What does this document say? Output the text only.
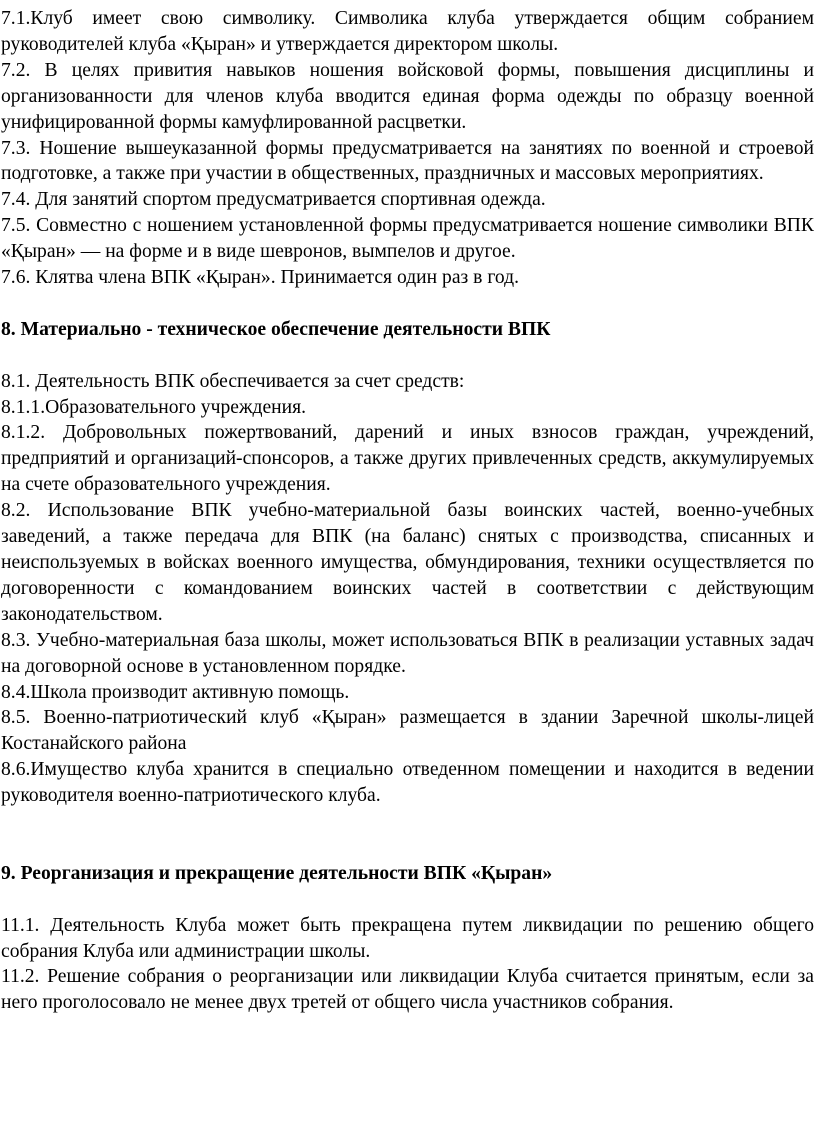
7.1.Клуб имеет свою символику. Символика клуба утверждается общим собранием руководителей клуба «Қыран» и утверждается директором школы.

7.2. В целях привития навыков ношения войсковой формы, повышения дисциплины и организованности для членов клуба вводится единая форма одежды по образцу военной унифицированной формы камуфлированной расцветки.

7.3. Ношение вышеуказанной формы предусматривается на занятиях по военной и строевой подготовке, а также при участии в общественных, праздничных и массовых мероприятиях.

7.4. Для занятий спортом предусматривается спортивная одежда.

7.5. Совместно с ношением установленной формы предусматривается ношение символики ВПК «Қыран» — на форме и в виде шевронов, вымпелов и другое.

7.6. Клятва члена ВПК «Қыран». Принимается один раз в год.

8. Материально - техническое обеспечение деятельности ВПК

8.1. Деятельность ВПК обеспечивается за счет средств:

8.1.1.Образовательного учреждения.

8.1.2. Добровольных пожертвований, дарений и иных взносов граждан, учреждений, предприятий и организаций-спонсоров, а также других привлеченных средств, аккумулируемых на счете образовательного учреждения.

8.2. Использование ВПК учебно-материальной базы воинских частей, военно-учебных заведений, а также передача для ВПК (на баланс) снятых с производства, списанных и неиспользуемых в войсках военного имущества, обмундирования, техники осуществляется по договоренности с командованием воинских частей в соответствии с действующим законодательством.

8.3. Учебно-материальная база школы, может использоваться ВПК в реализации уставных задач на договорной основе в установленном порядке.

8.4.Школа производит активную помощь.

8.5. Военно-патриотический клуб «Қыран» размещается в здании Заречной школы-лицей Костанайского района

8.6.Имущество клуба хранится в специально отведенном помещении и находится в ведении руководителя военно-патриотического клуба.

9. Реорганизация и прекращение деятельности ВПК «Қыран»

11.1. Деятельность Клуба может быть прекращена путем ликвидации по решению общего собрания Клуба или администрации школы.

11.2. Решение собрания о реорганизации или ликвидации Клуба считается принятым, если за него проголосовало не менее двух третей от общего числа участников собрания.
